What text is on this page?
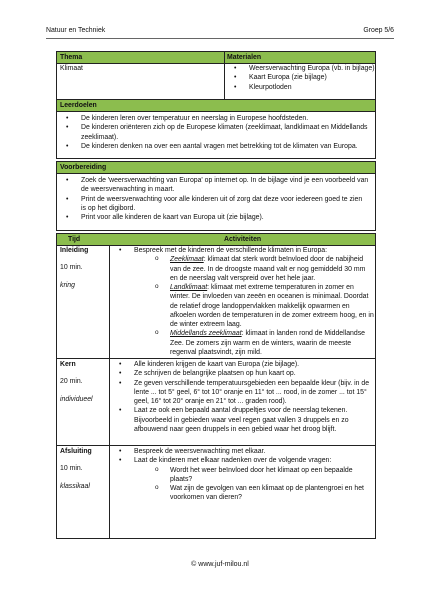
Natuur en Techniek	Groep 5/6
Thema	Materialen
Klimaat
•	Weersverwachting Europa (vb. in bijlage)
• Kaart Europa (zie bijlage)
• Kleurpotloden
Leerdoelen
• De kinderen leren over temperatuur en neerslag in Europese hoofdsteden.
• De kinderen oriënteren zich op de Europese klimaten (zeeklimaat, landklimaat en Middellands zeeklimaat).
• De kinderen denken na over een aantal vragen met betrekking tot de klimaten van Europa.
Voorbereiding
• Zoek de 'weersverwachting van Europa' op internet op. In de bijlage vind je een voorbeeld van de weersverwachting in maart.
• Print de weersverwachting voor alle kinderen uit of zorg dat deze voor iedereen goed te zien is op het digibord.
• Print voor alle kinderen de kaart van Europa uit (zie bijlage).
Tijd	Activiteiten
Inleiding
10 min.
kring
• Bespreek met de kinderen de verschillende klimaten in Europa:
o Zeeklimaat: klimaat dat sterk wordt beïnvloed door de nabijheid van de zee. In de droogste maand valt er nog gemiddeld 30 mm en de neerslag valt verspreid over het hele jaar.
o Landklimaat: klimaat met extreme temperaturen in zomer en winter. De invloeden van zeeën en oceanen is minimaal. Doordat de relatief droge landoppervlakken makkelijk opwarmen en afkoelen worden de temperaturen in de zomer extreem hoog, en in de winter extreem laag.
o Middellands zeeklimaat: klimaat in landen rond de Middellandse Zee. De zomers zijn warm en de winters, waarin de meeste regenval plaatsvindt, zijn mild.
Kern
20 min.
individueel
• Alle kinderen krijgen de kaart van Europa (zie bijlage).
• Ze schrijven de belangrijke plaatsen op hun kaart op.
• Ze geven verschillende temperatuursgebieden een bepaalde kleur (bijv. in de lente ... tot 5° geel, 6° tot 10° oranje en 11° tot ... rood, in de zomer ... tot 15° geel, 16° tot 20° oranje en 21° tot ... graden rood).
• Laat ze ook een bepaald aantal druppeltjes voor de neerslag tekenen. Bijvoorbeeld in gebieden waar veel regen gaat vallen 3 druppels en zo afbouwend naar geen druppels in een gebied waar het droog blijft.
Afsluiting
10 min.
klassikaal
• Bespreek de weersverwachting met elkaar.
• Laat de kinderen met elkaar nadenken over de volgende vragen:
o Wordt het weer beïnvloed door het klimaat op een bepaalde plaats?
o Wat zijn de gevolgen van een klimaat op de plantengroei en het voorkomen van dieren?
© www.juf-milou.nl
